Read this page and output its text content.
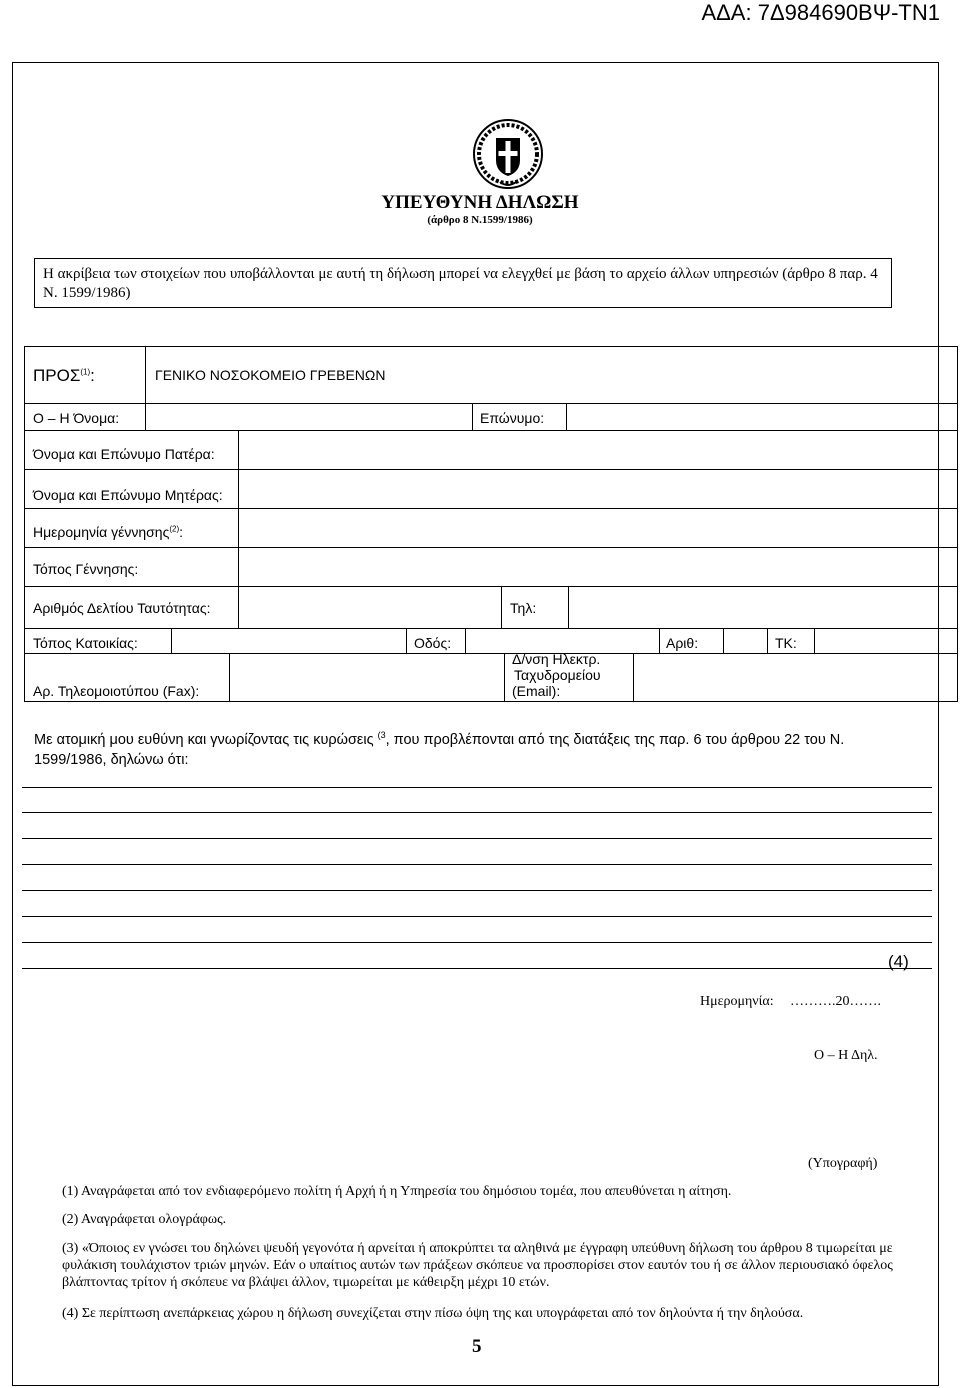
ΑΔΑ: 7Δ984690ΒΨ-ΤΝ1
ΥΠΕΥΘΥΝΗ ΔΗΛΩΣΗ
(άρθρο 8 Ν.1599/1986)
Η ακρίβεια των στοιχείων που υποβάλλονται με αυτή τη δήλωση μπορεί να ελεγχθεί με βάση το αρχείο άλλων υπηρεσιών (άρθρο 8 παρ. 4 Ν. 1599/1986)
ΠΡΟΣ$^{(1)}$:	ΓΕΝΙΚΟ ΝΟΣΟΚΟΜΕΙΟ ΓΡΕΒΕΝΩΝ
Ο – Η Όνομα:	Επώνυμο:
Όνομα και Επώνυμο Πατέρα:
Όνομα και Επώνυμο Μητέρας:
Ημερομηνία γέννησης$^{(2)}$:
Τόπος Γέννησης:
Αριθμός Δελτίου Ταυτότητας:	Τηλ:
Τόπος Κατοικίας:	Οδός:	Αριθ:	ΤΚ:
Αρ. Τηλεομοιοτύπου (Fax):
Δ/νση Ηλεκτρ.
Ταχυδρομείου
(Email):
Με ατομική μου ευθύνη και γνωρίζοντας τις κυρώσεις $^{(3}$, που προβλέπονται από της διατάξεις της παρ. 6 του άρθρου 22 του Ν. 1599/1986, δηλώνω ότι:
(4)
Ημερομηνία: ……….20…….
Ο – Η Δηλ.
(Υπογραφή)
(1) Αναγράφεται από τον ενδιαφερόμενο πολίτη ή Αρχή ή η Υπηρεσία του δημόσιου τομέα, που απευθύνεται η αίτηση.
(2) Αναγράφεται ολογράφως.
(3) «Όποιος εν γνώσει του δηλώνει ψευδή γεγονότα ή αρνείται ή αποκρύπτει τα αληθινά με έγγραφη υπεύθυνη δήλωση του άρθρου 8 τιμωρείται με φυλάκιση τουλάχιστον τριών μηνών. Εάν ο υπαίτιος αυτών των πράξεων σκόπευε να προσπορίσει στον εαυτόν του ή σε άλλον περιουσιακό όφελος βλάπτοντας τρίτον ή σκόπευε να βλάψει άλλον, τιμωρείται με κάθειρξη μέχρι 10 ετών.
(4) Σε περίπτωση ανεπάρκειας χώρου η δήλωση συνεχίζεται στην πίσω όψη της και υπογράφεται από τον δηλούντα ή την δηλούσα.
5
